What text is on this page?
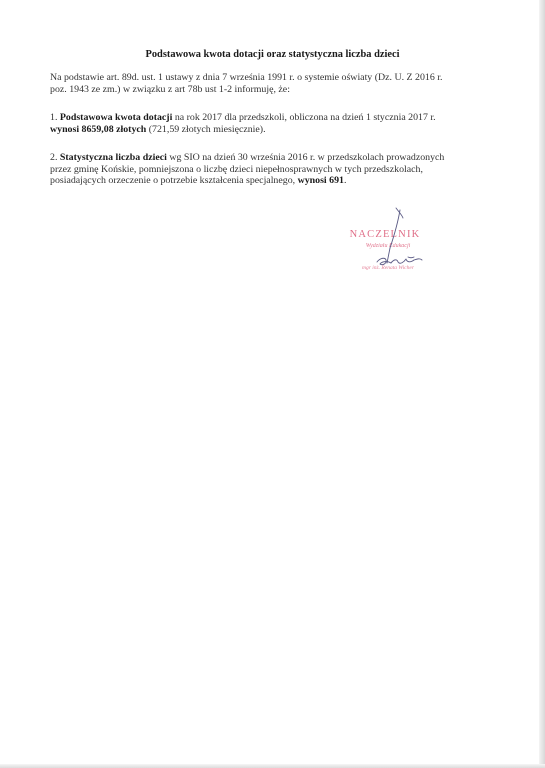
Podstawowa kwota dotacji oraz statystyczna liczba dzieci
Na podstawie art. 89d. ust. 1 ustawy z dnia 7 września 1991 r. o systemie oświaty (Dz. U. Z 2016 r.
poz. 1943 ze zm.) w związku z art 78b ust 1-2 informuję, że:
1. Podstawowa kwota dotacji na rok 2017 dla przedszkoli, obliczona na dzień 1 stycznia 2017 r.
wynosi 8659,08 złotych (721,59 złotych miesięcznie).
2. Statystyczna liczba dzieci wg SIO na dzień 30 września 2016 r. w przedszkolach prowadzonych
przez gminę Końskie, pomniejszona o liczbę dzieci niepełnosprawnych w tych przedszkolach,
posiadających orzeczenie o potrzebie kształcenia specjalnego, wynosi 691.
NACZELNIK
Wydziału Edukacji
mgr inż. Renata Wicher
